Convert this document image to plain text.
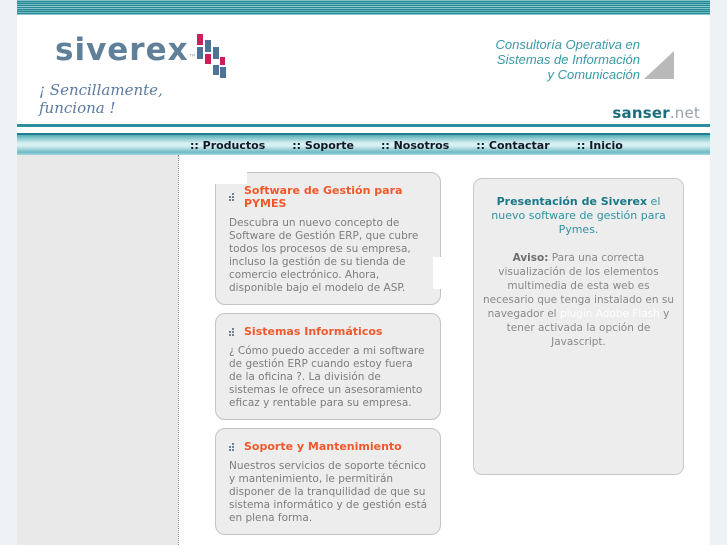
siverex™
¡ Sencillamente, funciona !
Consultoría Operativa en
Sistemas de Información
y Comunicación
sanser.net
:: Productos :: Soporte :: Nosotros :: Contactar :: Inicio
Software de Gestión para PYMES
Descubra un nuevo concepto de Software de Gestión ERP, que cubre todos los procesos de su empresa, incluso la gestión de su tienda de comercio electrónico. Ahora, disponible bajo el modelo de ASP.
Sistemas Informáticos
¿ Cómo puedo acceder a mi software de gestión ERP cuando estoy fuera de la oficina ?. La división de sistemas le ofrece un asesoramiento eficaz y rentable para su empresa.
Soporte y Mantenimiento
Nuestros servicios de soporte técnico y mantenimiento, le permitirán disponer de la tranquilidad de que su sistema informático y de gestión está en plena forma.
Presentación de Siverex el nuevo software de gestión para Pymes.
Aviso: Para una correcta visualización de los elementos multimedia de esta web es necesario que tenga instalado en su navegador el plugin Adobe Flash y tener activada la opción de Javascript.
